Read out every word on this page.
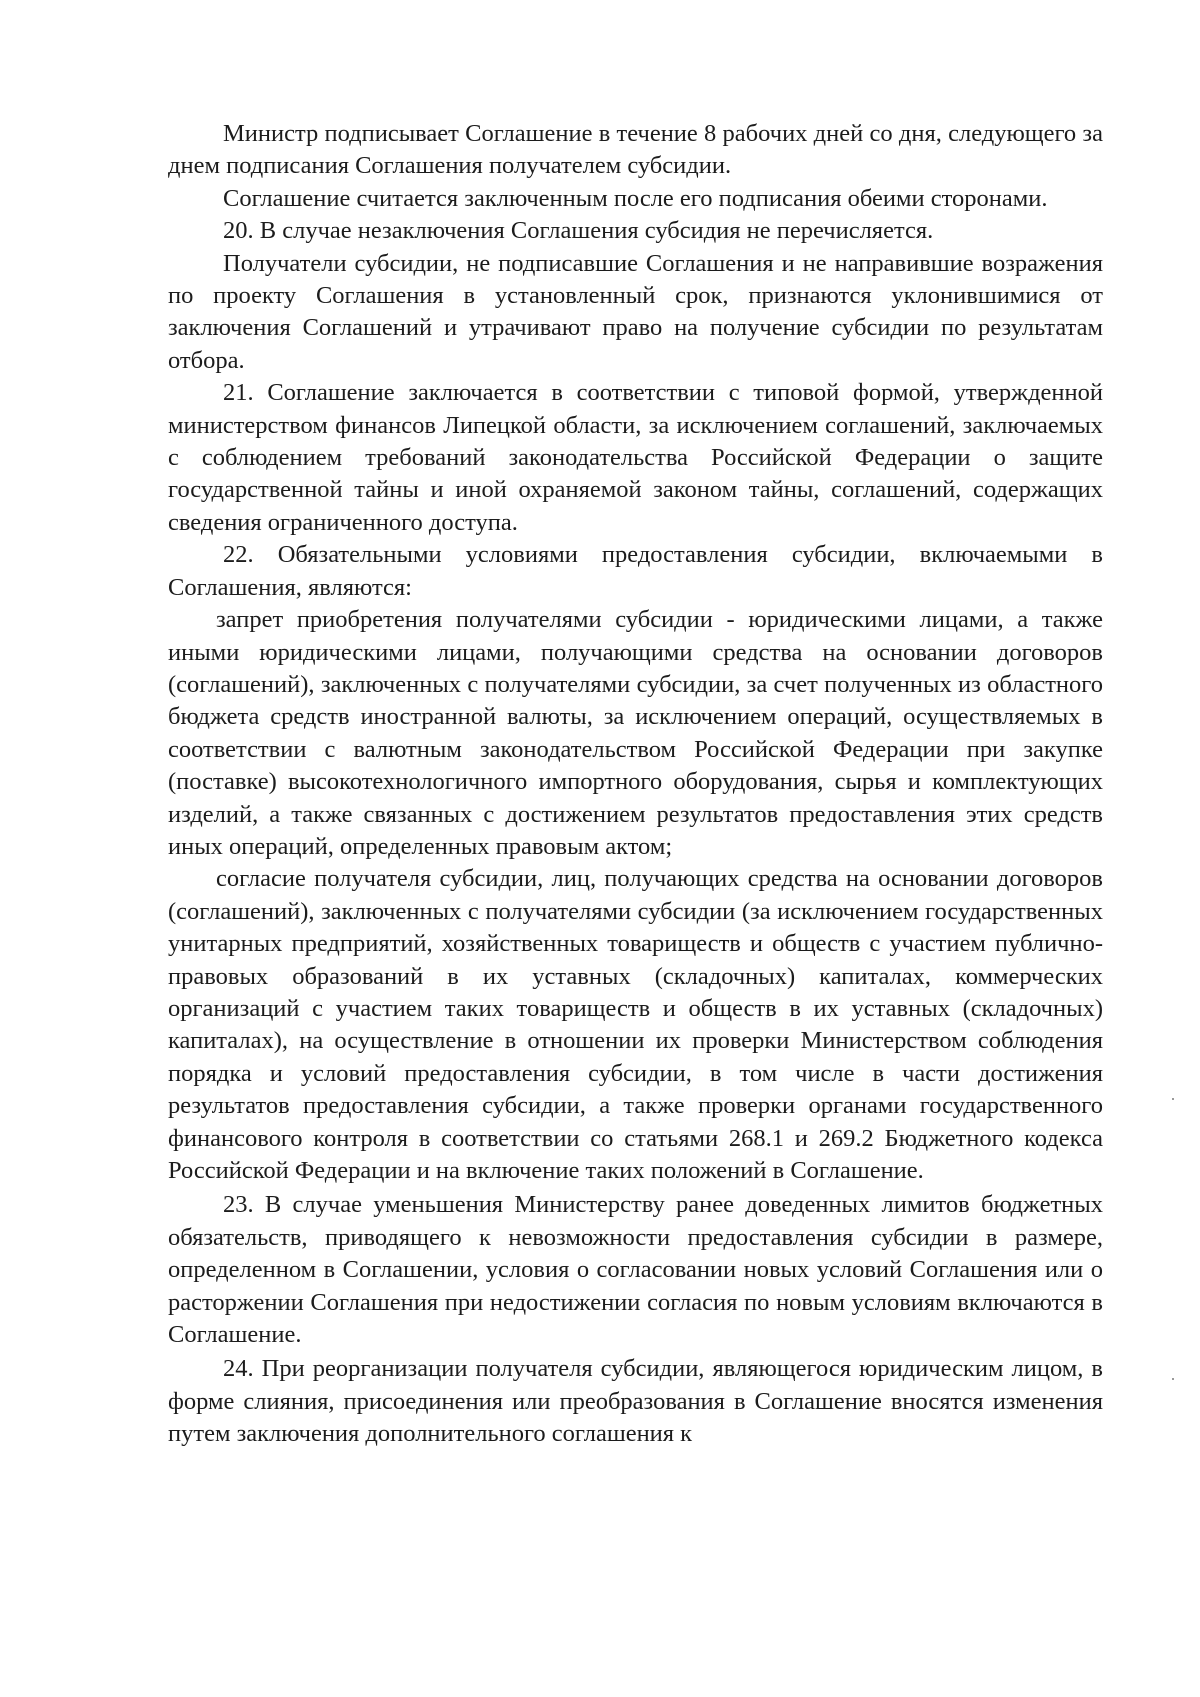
Министр подписывает Соглашение в течение 8 рабочих дней со дня, следующего за днем подписания Соглашения получателем субсидии.

Соглашение считается заключенным после его подписания обеими сторонами.

20. В случае незаключения Соглашения субсидия не перечисляется.

Получатели субсидии, не подписавшие Соглашения и не направившие возражения по проекту Соглашения в установленный срок, признаются уклонившимися от заключения Соглашений и утрачивают право на получение субсидии по результатам отбора.

21. Соглашение заключается в соответствии с типовой формой, утвержденной министерством финансов Липецкой области, за исключением соглашений, заключаемых с соблюдением требований законодательства Российской Федерации о защите государственной тайны и иной охраняемой законом тайны, соглашений, содержащих сведения ограниченного доступа.

22. Обязательными условиями предоставления субсидии, включаемыми в Соглашения, являются:

запрет приобретения получателями субсидии - юридическими лицами, а также иными юридическими лицами, получающими средства на основании договоров (соглашений), заключенных с получателями субсидии, за счет полученных из областного бюджета средств иностранной валюты, за исключением операций, осуществляемых в соответствии с валютным законодательством Российской Федерации при закупке (поставке) высокотехнологичного импортного оборудования, сырья и комплектующих изделий, а также связанных с достижением результатов предоставления этих средств иных операций, определенных правовым актом;

согласие получателя субсидии, лиц, получающих средства на основании договоров (соглашений), заключенных с получателями субсидии (за исключением государственных унитарных предприятий, хозяйственных товариществ и обществ с участием публично-правовых образований в их уставных (складочных) капиталах, коммерческих организаций с участием таких товариществ и обществ в их уставных (складочных) капиталах), на осуществление в отношении их проверки Министерством соблюдения порядка и условий предоставления субсидии, в том числе в части достижения результатов предоставления субсидии, а также проверки органами государственного финансового контроля в соответствии со статьями 268.1 и 269.2 Бюджетного кодекса Российской Федерации и на включение таких положений в Соглашение.

23. В случае уменьшения Министерству ранее доведенных лимитов бюджетных обязательств, приводящего к невозможности предоставления субсидии в размере, определенном в Соглашении, условия о согласовании новых условий Соглашения или о расторжении Соглашения при недостижении согласия по новым условиям включаются в Соглашение.

24. При реорганизации получателя субсидии, являющегося юридическим лицом, в форме слияния, присоединения или преобразования в Соглашение вносятся изменения путем заключения дополнительного соглашения к
